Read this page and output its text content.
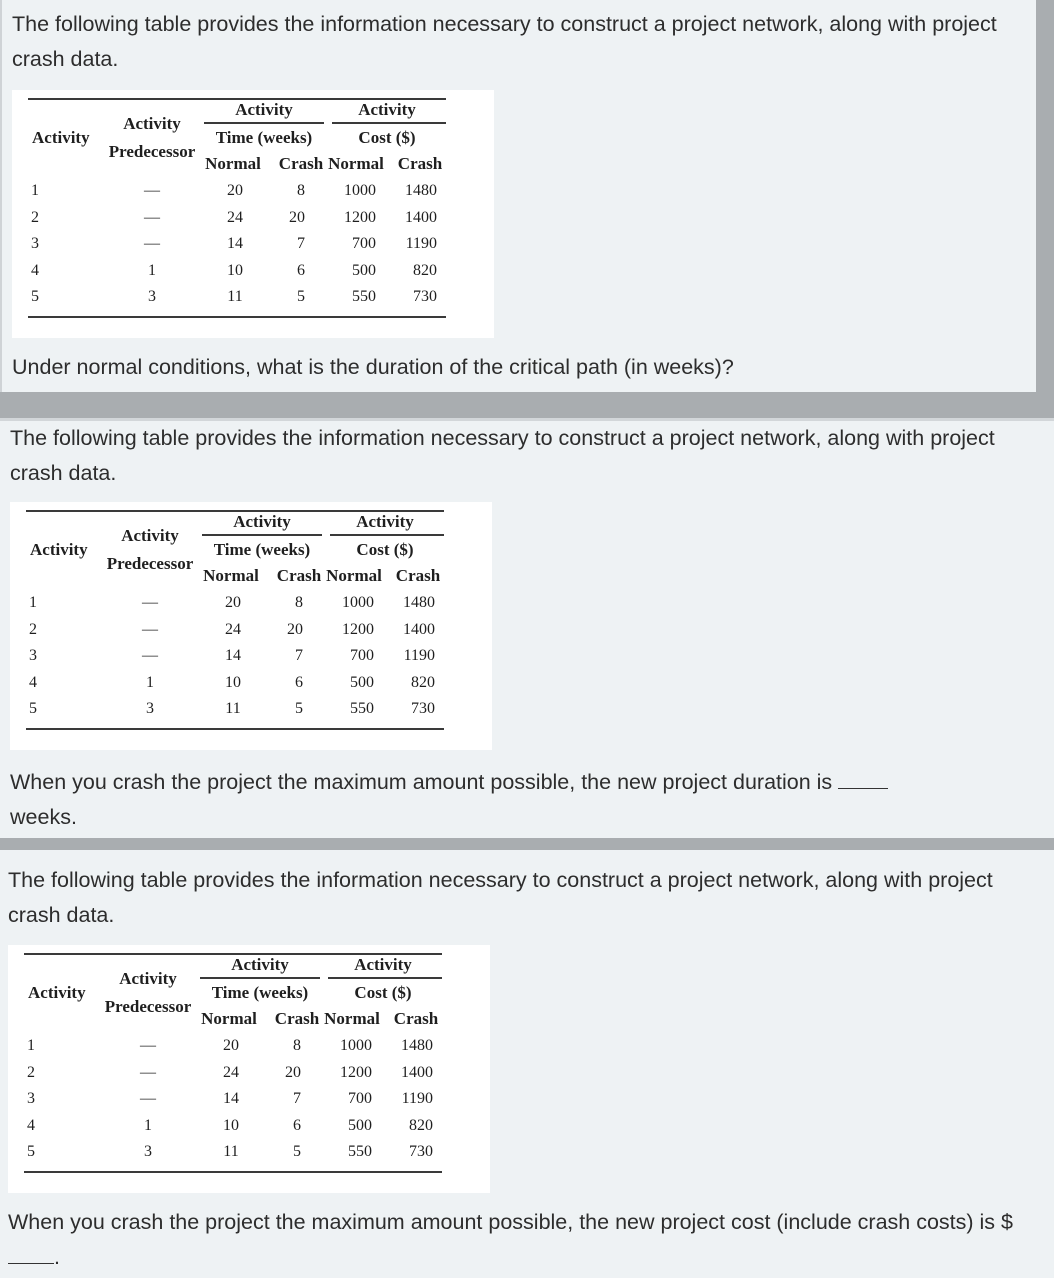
The following table provides the information necessary to construct a project network, along with project crash data.

Activity
Activity
Predecessor
Activity
Time (weeks)
Activity
Cost ($)
Normal	Crash Normal Crash
1	—	20	8	1000	1480
2	—	24	20	1200	1400
3	—	14	7	700	1190
4	1	10	6	500	820
5	3	11	5	550	730

Under normal conditions, what is the duration of the critical path (in weeks)?

The following table provides the information necessary to construct a project network, along with project crash data.

Activity
Activity
Predecessor
Activity
Time (weeks)
Activity
Cost ($)
Normal	Crash Normal Crash
1	—	20	8	1000	1480
2	—	24	20	1200	1400
3	—	14	7	700	1190
4	1	10	6	500	820
5	3	11	5	550	730

When you crash the project the maximum amount possible, the new project duration is
weeks.

The following table provides the information necessary to construct a project network, along with project crash data.

Activity
Activity
Predecessor
Activity
Time (weeks)
Activity
Cost ($)
Normal	Crash Normal Crash
1	—	20	8	1000	1480
2	—	24	20	1200	1400
3	—	14	7	700	1190
4	1	10	6	500	820
5	3	11	5	550	730

When you crash the project the maximum amount possible, the new project cost (include crash costs) is $.
